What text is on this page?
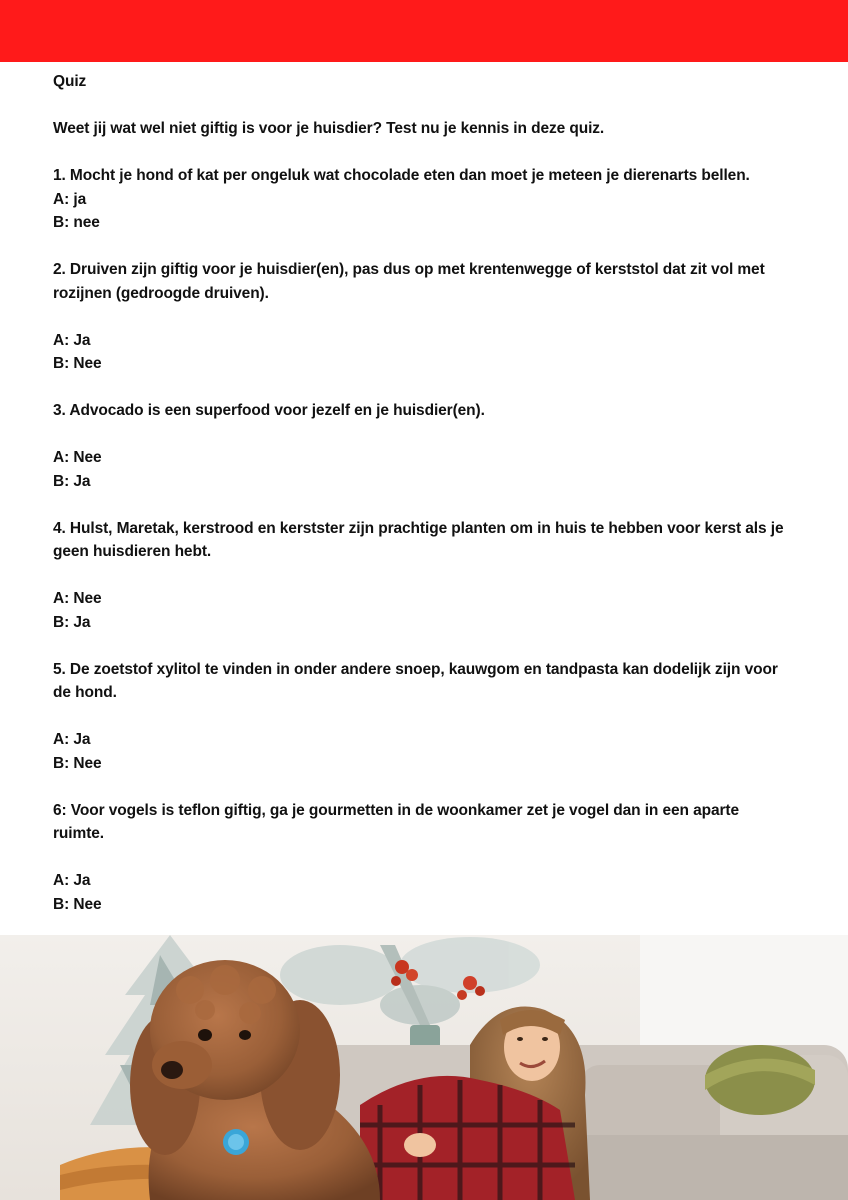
Quiz
Weet jij wat wel niet giftig is voor je huisdier? Test nu je kennis in deze quiz.
1. Mocht je hond of kat per ongeluk wat chocolade eten dan moet je meteen je dierenarts bellen.
A: ja
B: nee
2. Druiven zijn giftig voor je huisdier(en), pas dus op met krentenwegge of kerststol dat zit vol met
rozijnen (gedroogde druiven).
A: Ja
B: Nee
3. Advocado is een superfood voor jezelf en je huisdier(en).
A: Nee
B: Ja
4. Hulst, Maretak, kerstrood en kerstster zijn prachtige planten om in huis te hebben voor kerst als je
geen huisdieren hebt.
A: Nee
B: Ja
5. De zoetstof xylitol te vinden in onder andere snoep, kauwgom en tandpasta kan dodelijk zijn voor
de hond.
A: Ja
B: Nee
6: Voor vogels is teflon giftig, ga je gourmetten in de woonkamer zet je vogel dan in een aparte
ruimte.
A: Ja
B: Nee
